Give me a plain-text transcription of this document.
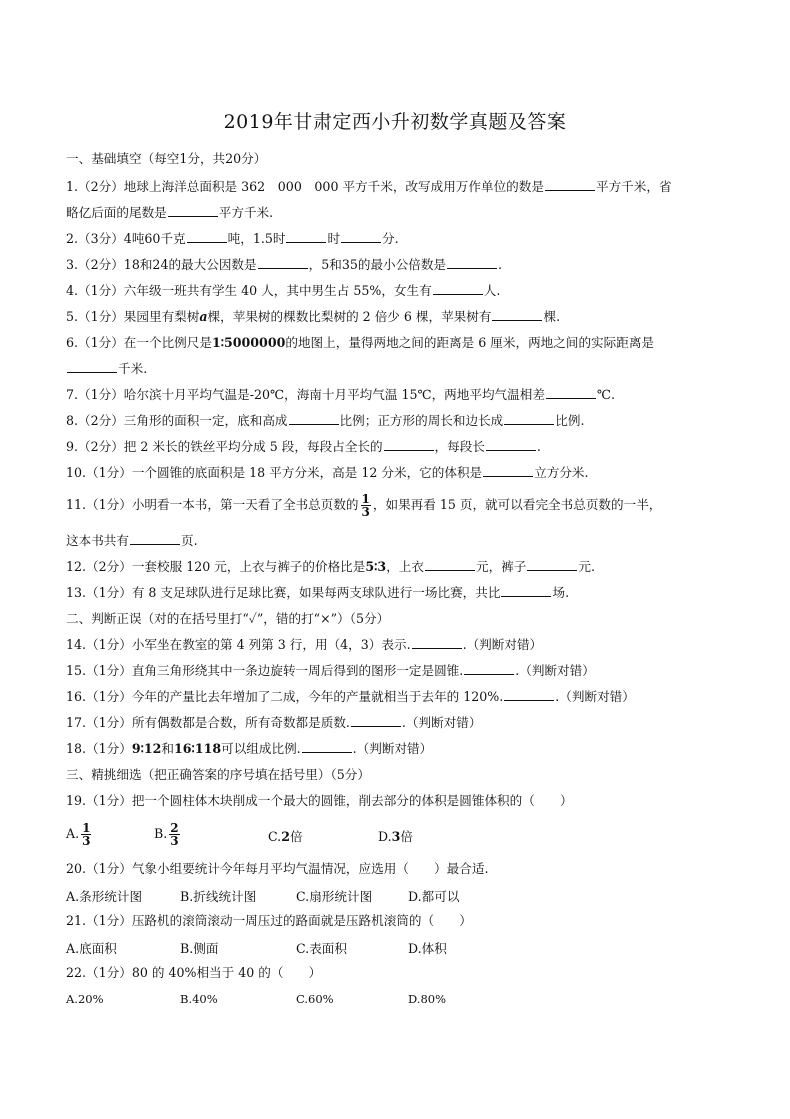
2019年甘肃定西小升初数学真题及答案
一、基础填空（每空1分，共20分）
1.（2分）地球上海洋总面积是 362　000　000 平方千米，改写成用万作单位的数是	平方千米，省
略亿后面的尾数是	平方千米.
2.（3分）4吨60千克	吨，1.5时	时	分.
3.（2分）18和24的最大公因数是	，5和35的最小公倍数是	.
4.（1分）六年级一班共有学生 40 人，其中男生占 55%，女生有	人.
5.（1分）果园里有梨树a棵，苹果树的棵数比梨树的 2 倍少 6 棵，苹果树有	棵.
6.（1分）在一个比例尺是1∶5000000的地图上，量得两地之间的距离是 6 厘米，两地之间的实际距离是
千米.
7.（1分）哈尔滨十月平均气温是-20℃，海南十月平均气温 15℃，两地平均气温相差	℃.
8.（2分）三角形的面积一定，底和高成	比例；正方形的周长和边长成	比例.
9.（2分）把 2 米长的铁丝平均分成 5 段，每段占全长的	，每段长	.
10.（1分）一个圆锥的底面积是 18 平方分米，高是 12 分米，它的体积是	立方分米.
11.（1分）小明看一本书，第一天看了全书总页数的 $\frac{1}{3}$ ，如果再看 15 页，就可以看完全书总页数的一半，
这本书共有	页.
12.（2分）一套校服 120 元，上衣与裤子的价格比是5∶3，上衣	元，裤子	元.
13.（1分）有 8 支足球队进行足球比赛，如果每两支球队进行一场比赛，共比	场.
二、判断正误（对的在括号里打“✓”，错的打“×”）（5分）
14.（1分）小军坐在教室的第 4 列第 3 行，用（4，3）表示.	.（判断对错）
15.（1分）直角三角形绕其中一条边旋转一周后得到的图形一定是圆锥.	.（判断对错）
16.（1分）今年的产量比去年增加了二成，今年的产量就相当于去年的 120%.	.（判断对错）
17.（1分）所有偶数都是合数，所有奇数都是质数.	.（判断对错）
18.（1分）9∶12和16∶118可以组成比例.	.（判断对错）
三、精挑细选（把正确答案的序号填在括号里）（5分）
19.（1分）把一个圆柱体木块削成一个最大的圆锥，削去部分的体积是圆锥体积的（　　）
A. $\frac{1}{3}$	B. $\frac{2}{3}$	C.2倍	D.3倍
20.（1分）气象小组要统计今年每月平均气温情况，应选用（　　）最合适.
A.条形统计图	B.折线统计图	C.扇形统计图	D.都可以
21.（1分）压路机的滚筒滚动一周压过的路面就是压路机滚筒的（　　）
A.底面积	B.侧面	C.表面积	D.体积
22.（1分）80 的 40%相当于 40 的（　　）
A.20%	B.40%	C.60%	D.80%
